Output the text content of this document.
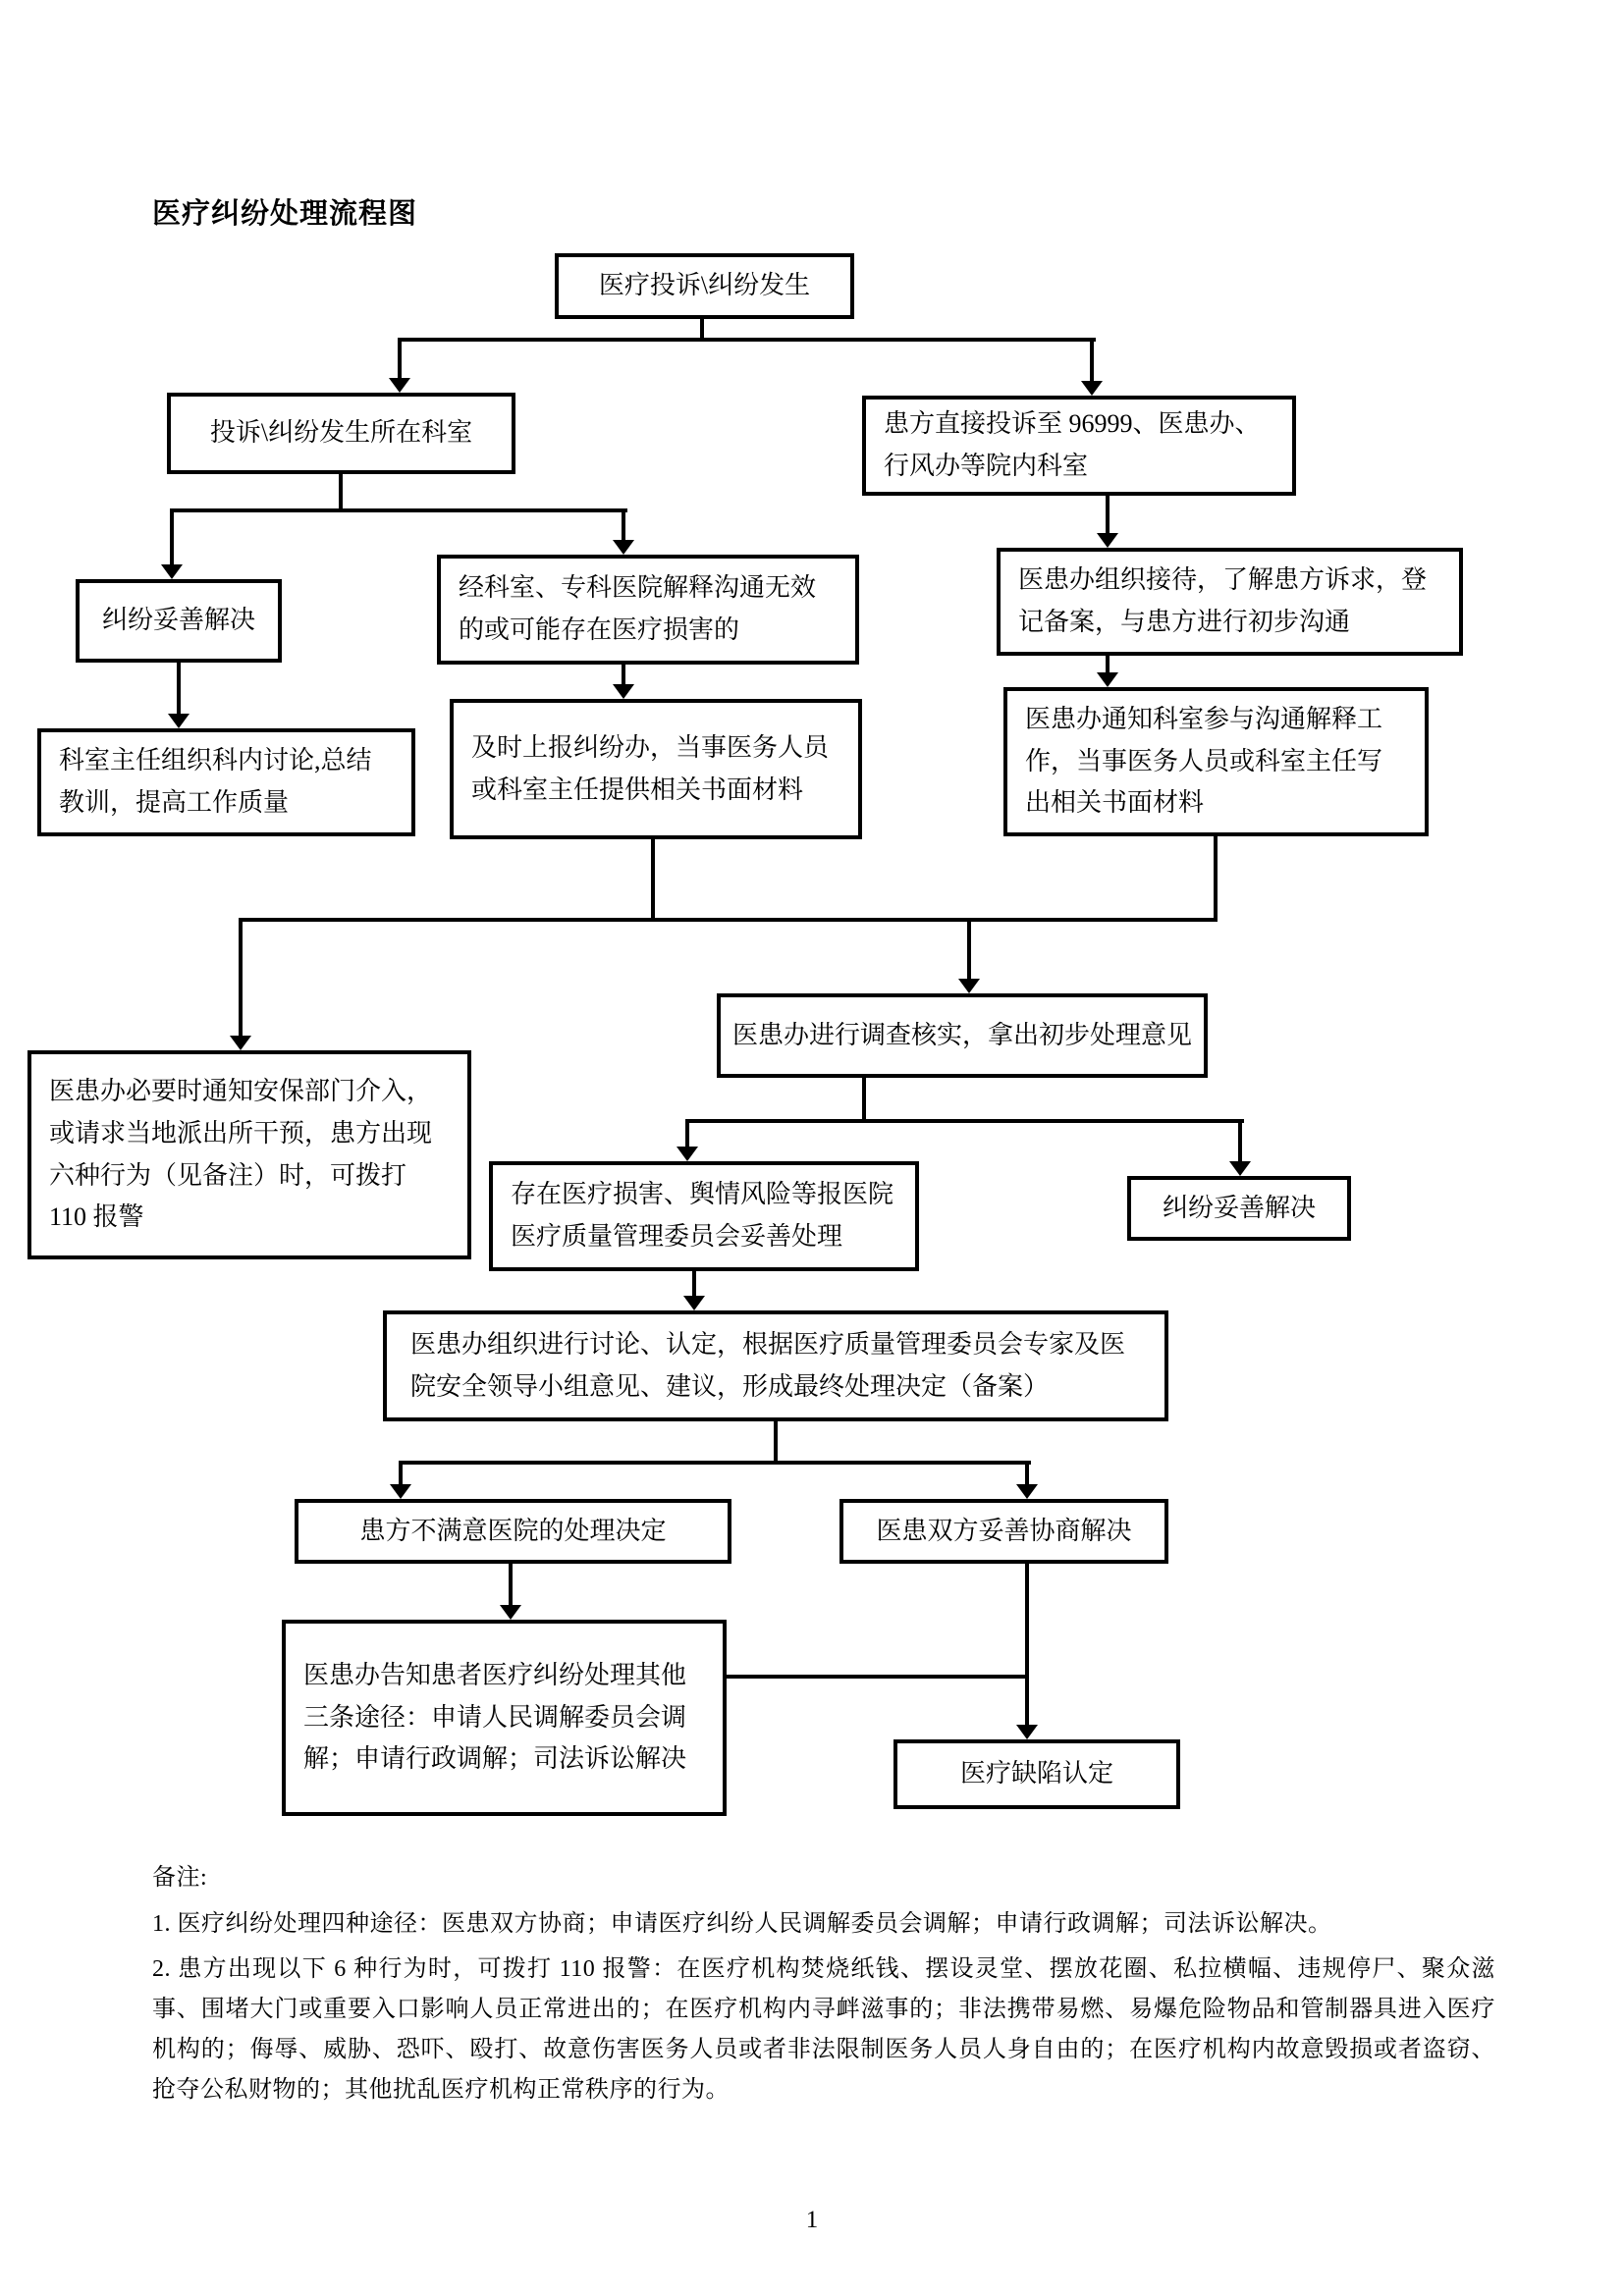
医疗纠纷处理流程图
医疗投诉\纠纷发生
投诉\纠纷发生所在科室	患方直接投诉至 96999、医患办、行风办等院内科室
纠纷妥善解决
经科室、专科医院解释沟通无效的或可能存在医疗损害的
医患办组织接待，了解患方诉求，登记备案，与患方进行初步沟通
科室主任组织科内讨论,总结教训，提高工作质量
及时上报纠纷办，当事医务人员或科室主任提供相关书面材料
医患办通知科室参与沟通解释工作，当事医务人员或科室主任写出相关书面材料
医患办进行调查核实，拿出初步处理意见
医患办必要时通知安保部门介入，或请求当地派出所干预，患方出现六种行为（见备注）时，可拨打 110 报警
存在医疗损害、舆情风险等报医院医疗质量管理委员会妥善处理
纠纷妥善解决
医患办组织进行讨论、认定，根据医疗质量管理委员会专家及医院安全领导小组意见、建议，形成最终处理决定（备案）
患方不满意医院的处理决定	医患双方妥善协商解决
医患办告知患者医疗纠纷处理其他三条途径：申请人民调解委员会调解；申请行政调解；司法诉讼解决
医疗缺陷认定
备注:
1. 医疗纠纷处理四种途径：医患双方协商；申请医疗纠纷人民调解委员会调解；申请行政调解；司法诉讼解决。
2. 患方出现以下 6 种行为时，可拨打 110 报警：在医疗机构焚烧纸钱、摆设灵堂、摆放花圈、私拉横幅、违规停尸、聚众滋事、围堵大门或重要入口影响人员正常进出的；在医疗机构内寻衅滋事的；非法携带易燃、易爆危险物品和管制器具进入医疗机构的；侮辱、威胁、恐吓、殴打、故意伤害医务人员或者非法限制医务人员人身自由的；在医疗机构内故意毁损或者盗窃、抢夺公私财物的；其他扰乱医疗机构正常秩序的行为。
1
